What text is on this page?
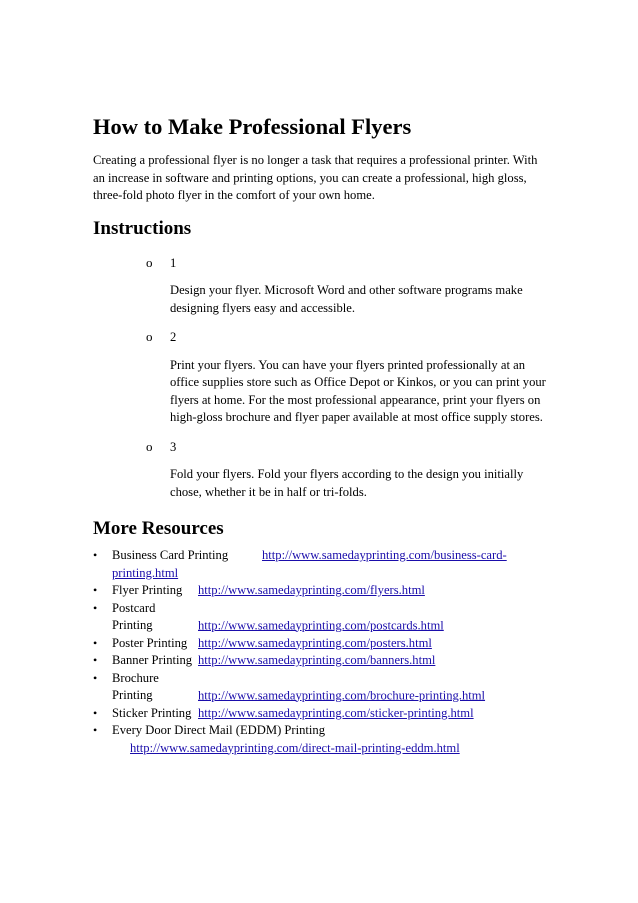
How to Make Professional Flyers

Creating a professional flyer is no longer a task that requires a professional printer. With
an increase in software and printing options, you can create a professional, high gloss,
three-fold photo flyer in the comfort of your own home.

Instructions
o 1

Design your flyer. Microsoft Word and other software programs make
designing flyers easy and accessible.

o 2

Print your flyers. You can have your flyers printed professionally at an
office supplies store such as Office Depot or Kinkos, or you can print your
flyers at home. For the most professional appearance, print your flyers on
high-gloss brochure and flyer paper available at most office supply stores.

o 3

Fold your flyers. Fold your flyers according to the design you initially
chose, whether it be in half or tri-folds.

More Resources
• Business Card Printing	http://www.samedayprinting.com/business-card-
printing.html
• Flyer Printing http://www.samedayprinting.com/flyers.html
• Postcard Printing	http://www.samedayprinting.com/postcards.html
• Poster Printing http://www.samedayprinting.com/posters.html
• Banner Printing http://www.samedayprinting.com/banners.html
• Brochure Printing	http://www.samedayprinting.com/brochure-printing.html
• Sticker Printing http://www.samedayprinting.com/sticker-printing.html
• Every Door Direct Mail (EDDM) Printing
http://www.samedayprinting.com/direct-mail-printing-eddm.html
